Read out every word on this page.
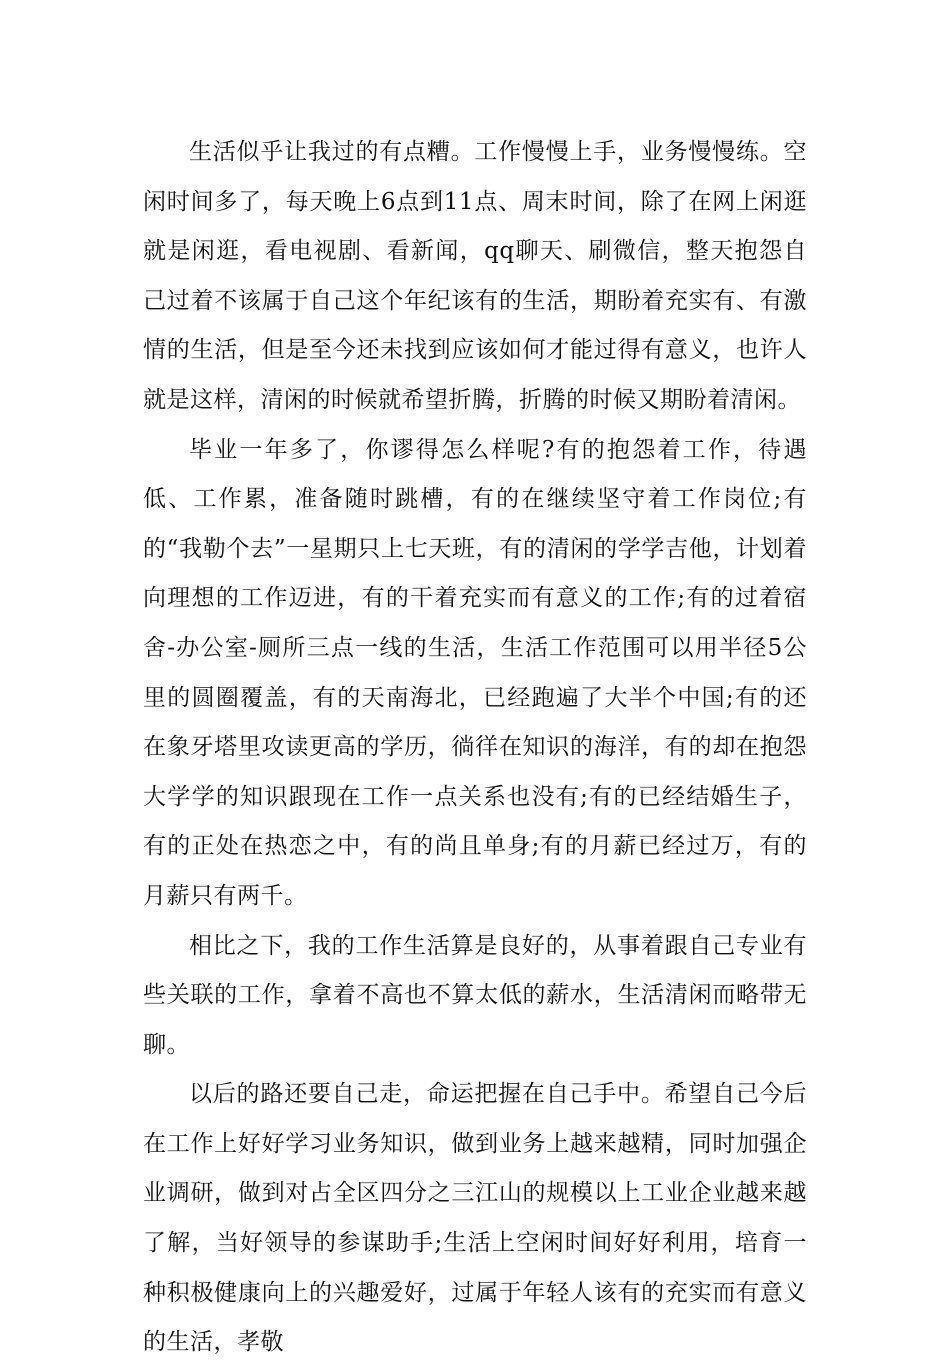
生活似乎让我过的有点糟。工作慢慢上手，业务慢慢练。空闲时间多了，每天晚上6点到11点、周末时间，除了在网上闲逛就是闲逛，看电视剧、看新闻，qq聊天、刷微信，整天抱怨自己过着不该属于自己这个年纪该有的生活，期盼着充实有、有激情的生活，但是至今还未找到应该如何才能过得有意义，也许人就是这样，清闲的时候就希望折腾，折腾的时候又期盼着清闲。

毕业一年多了，你谬得怎么样呢?有的抱怨着工作，待遇低、工作累，准备随时跳槽，有的在继续坚守着工作岗位;有的“我勒个去”一星期只上七天班，有的清闲的学学吉他，计划着向理想的工作迈进，有的干着充实而有意义的工作;有的过着宿舍-办公室-厕所三点一线的生活，生活工作范围可以用半径5公里的圆圈覆盖，有的天南海北，已经跑遍了大半个中国;有的还在象牙塔里攻读更高的学历，徜徉在知识的海洋，有的却在抱怨大学学的知识跟现在工作一点关系也没有;有的已经结婚生子，有的正处在热恋之中，有的尚且单身;有的月薪已经过万，有的月薪只有两千。

相比之下，我的工作生活算是良好的，从事着跟自己专业有些关联的工作，拿着不高也不算太低的薪水，生活清闲而略带无聊。

以后的路还要自己走，命运把握在自己手中。希望自己今后在工作上好好学习业务知识，做到业务上越来越精，同时加强企业调研，做到对占全区四分之三江山的规模以上工业企业越来越了解，当好领导的参谋助手;生活上空闲时间好好利用，培育一种积极健康向上的兴趣爱好，过属于年轻人该有的充实而有意义的生活，孝敬
